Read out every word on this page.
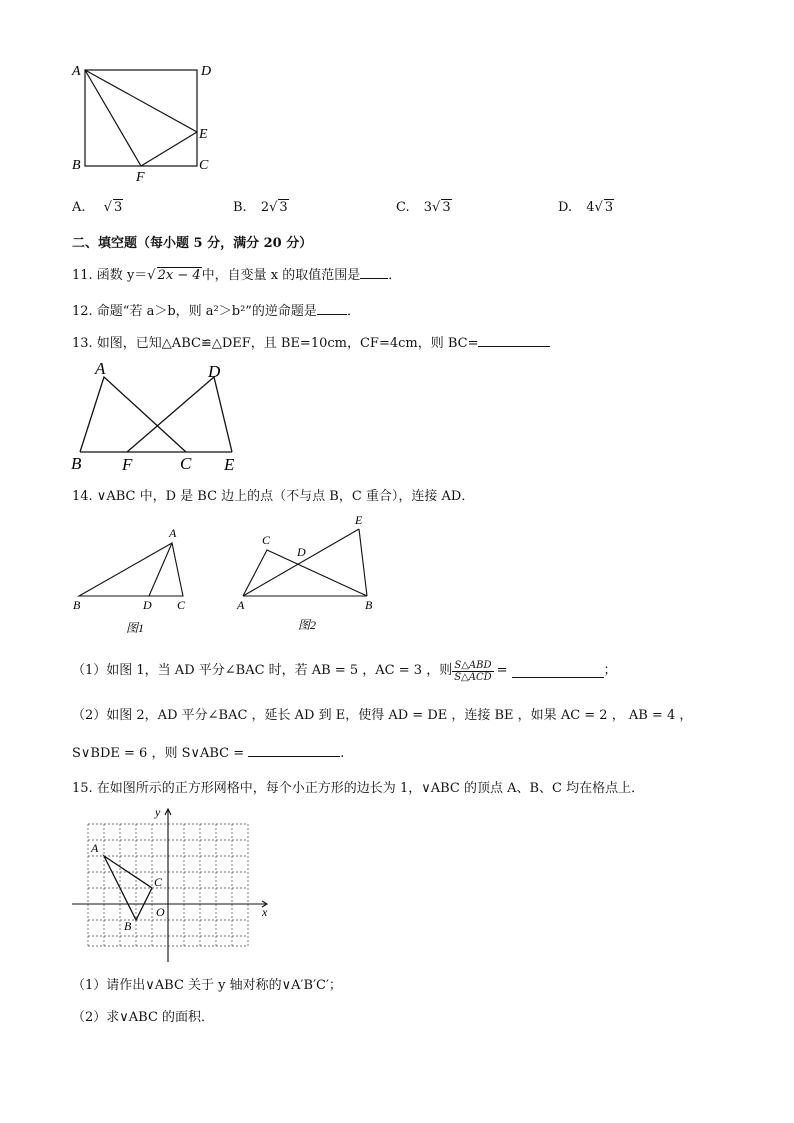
A	D
E
B	C
F
A. √ 3	B. 2√ 3	C. 3√ 3	D. 4√ 3
二、填空题（每小题 5 分，满分 20 分）
11. 函数 y＝√ 2x − 4中，自变量 x 的取值范围是 ．
12. 命题“若 a＞b，则 a²＞b²”的逆命题是 ．
13. 如图，已知△ABC≌△DEF，且 BE=10cm，CF=4cm，则 BC=
A	D
B F	C E
14. ∨ABC 中，D 是 BC 边上的点（不与点 B，C 重合），连接 AD．
A
B	D C
图1
E
C
D
A	B
图2
（1）如图 1，当 AD 平分∠BAC 时，若 AB = 5 ，AC = 3 ，则 $\frac{\text{S△ABD}}{\text{S△ACD}}$ =	；
（2）如图 2，AD 平分∠BAC ，延长 AD 到 E，使得 AD = DE ，连接 BE ，如果 AC = 2 ， AB = 4 ，
S∨BDE = 6 ，则 S∨ABC =	.
15. 在如图所示的正方形网格中，每个小正方形的边长为 1，∨ABC 的顶点 A、B、C 均在格点上．
y
x
A
C
O
B
（1）请作出∨ABC 关于 y 轴对称的∨A′B′C′；
（2）求∨ABC 的面积．
